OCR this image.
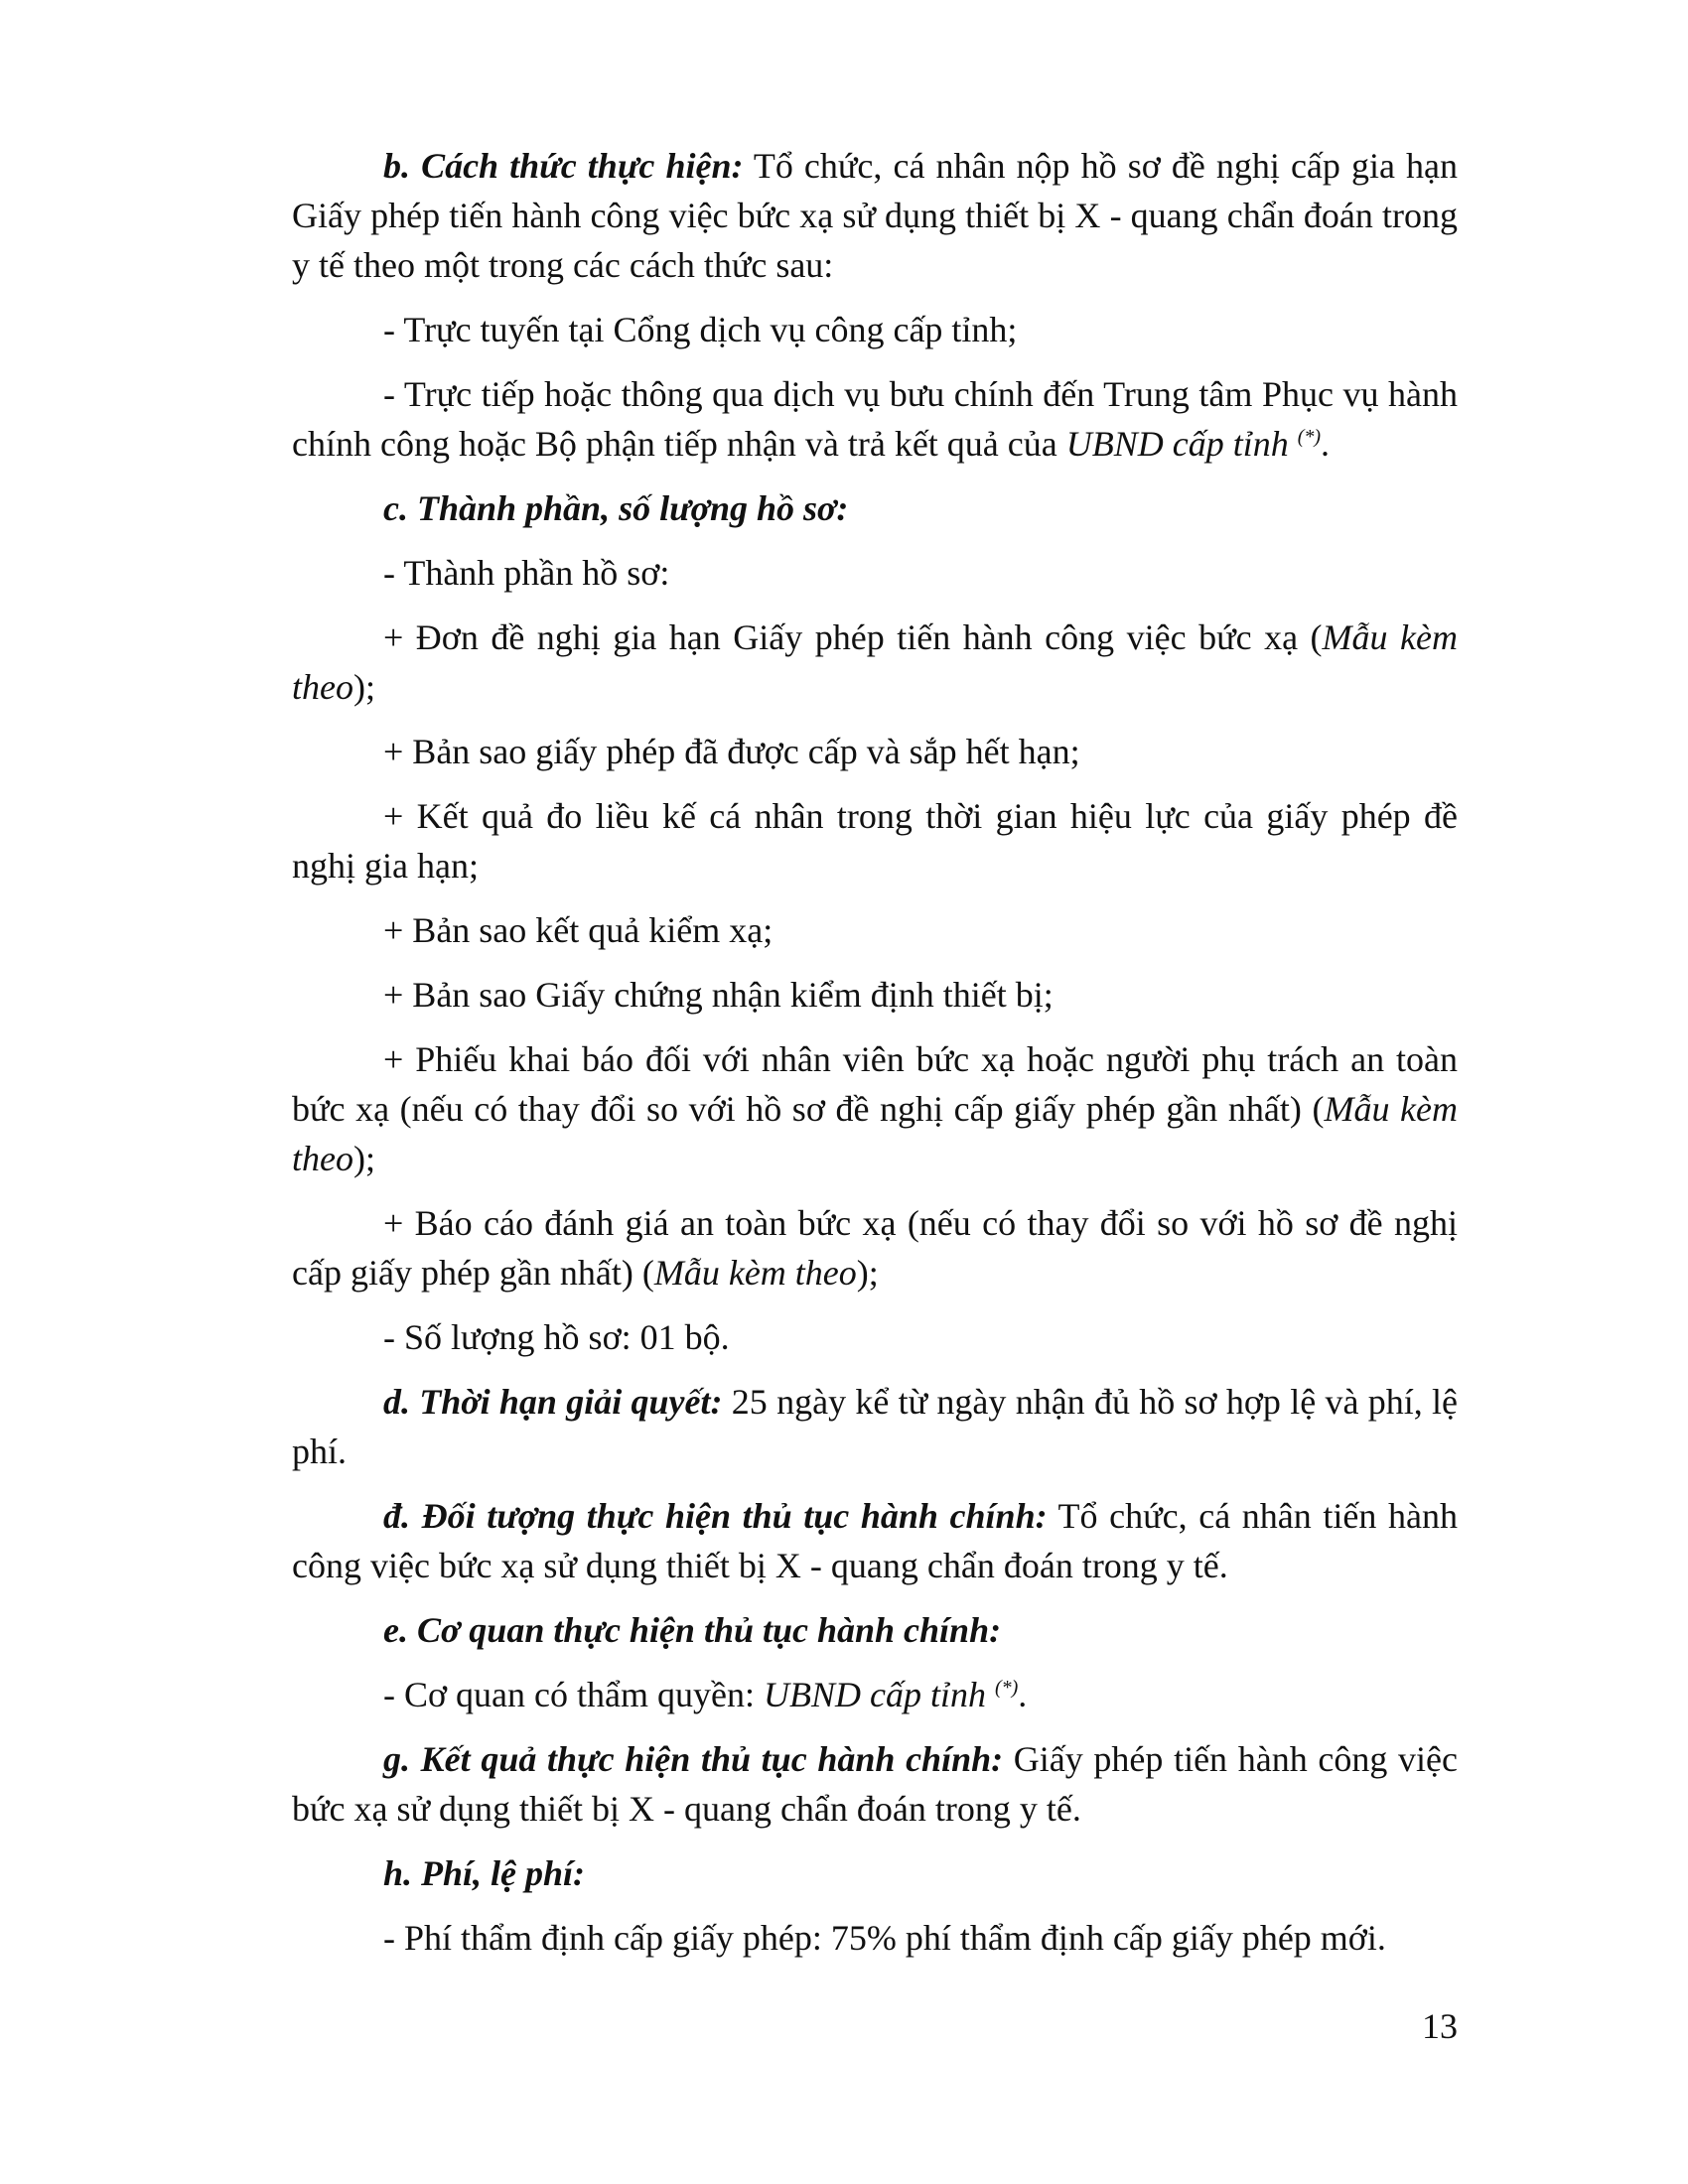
b. Cách thức thực hiện: Tổ chức, cá nhân nộp hồ sơ đề nghị cấp gia hạn Giấy phép tiến hành công việc bức xạ sử dụng thiết bị X - quang chẩn đoán trong y tế theo một trong các cách thức sau:

- Trực tuyến tại Cổng dịch vụ công cấp tỉnh;

- Trực tiếp hoặc thông qua dịch vụ bưu chính đến Trung tâm Phục vụ hành chính công hoặc Bộ phận tiếp nhận và trả kết quả của UBND cấp tỉnh (*).

c. Thành phần, số lượng hồ sơ:

- Thành phần hồ sơ:

+ Đơn đề nghị gia hạn Giấy phép tiến hành công việc bức xạ (Mẫu kèm theo);

+ Bản sao giấy phép đã được cấp và sắp hết hạn;

+ Kết quả đo liều kế cá nhân trong thời gian hiệu lực của giấy phép đề nghị gia hạn;

+ Bản sao kết quả kiểm xạ;

+ Bản sao Giấy chứng nhận kiểm định thiết bị;

+ Phiếu khai báo đối với nhân viên bức xạ hoặc người phụ trách an toàn bức xạ (nếu có thay đổi so với hồ sơ đề nghị cấp giấy phép gần nhất) (Mẫu kèm theo);

+ Báo cáo đánh giá an toàn bức xạ (nếu có thay đổi so với hồ sơ đề nghị cấp giấy phép gần nhất) (Mẫu kèm theo);

- Số lượng hồ sơ: 01 bộ.

d. Thời hạn giải quyết: 25 ngày kể từ ngày nhận đủ hồ sơ hợp lệ và phí, lệ phí.

đ. Đối tượng thực hiện thủ tục hành chính: Tổ chức, cá nhân tiến hành công việc bức xạ sử dụng thiết bị X - quang chẩn đoán trong y tế.

e. Cơ quan thực hiện thủ tục hành chính:

- Cơ quan có thẩm quyền: UBND cấp tỉnh (*).

g. Kết quả thực hiện thủ tục hành chính: Giấy phép tiến hành công việc bức xạ sử dụng thiết bị X - quang chẩn đoán trong y tế.

h. Phí, lệ phí:

- Phí thẩm định cấp giấy phép: 75% phí thẩm định cấp giấy phép mới.

13
